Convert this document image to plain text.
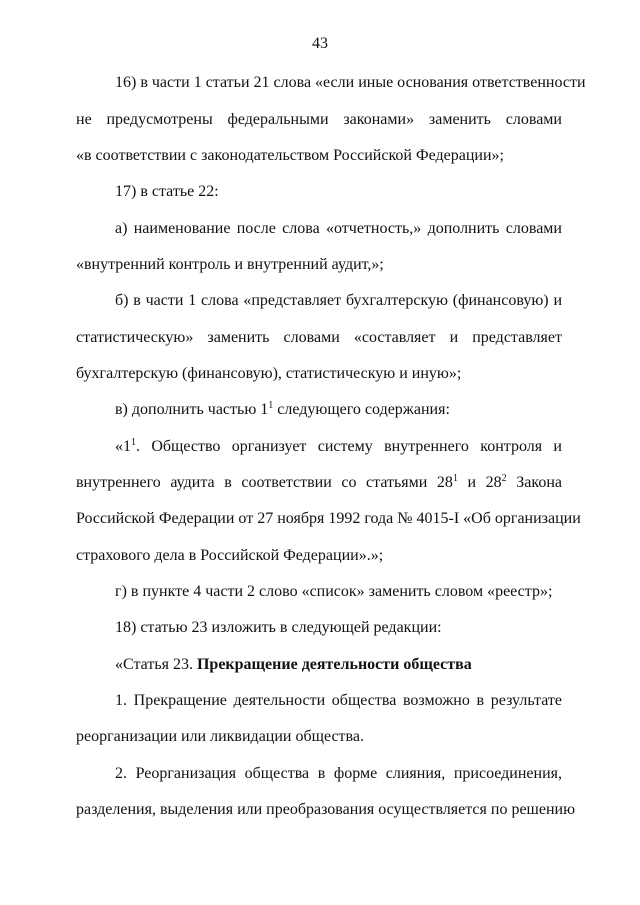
43
16) в части 1 статьи 21 слова «если иные основания ответственности
не предусмотрены федеральными законами» заменить словами
«в соответствии с законодательством Российской Федерации»;
17) в статье 22:
а) наименование после слова «отчетность,» дополнить словами
«внутренний контроль и внутренний аудит,»;
б) в части 1 слова «представляет бухгалтерскую (финансовую) и
статистическую» заменить словами «составляет и представляет
бухгалтерскую (финансовую), статистическую и иную»;
в) дополнить частью $1^1$ следующего содержания:
«$1^1$. Общество организует систему внутреннего контроля и
внутреннего аудита в соответствии со статьями $28^1$ и $28^2$ Закона
Российской Федерации от 27 ноября 1992 года № 4015-I «Об организации
страхового дела в Российской Федерации».»;
г) в пункте 4 части 2 слово «список» заменить словом «реестр»;
18) статью 23 изложить в следующей редакции:
«Статья 23. Прекращение деятельности общества
1. Прекращение деятельности общества возможно в результате
реорганизации или ликвидации общества.
2. Реорганизация общества в форме слияния, присоединения,
разделения, выделения или преобразования осуществляется по решению
